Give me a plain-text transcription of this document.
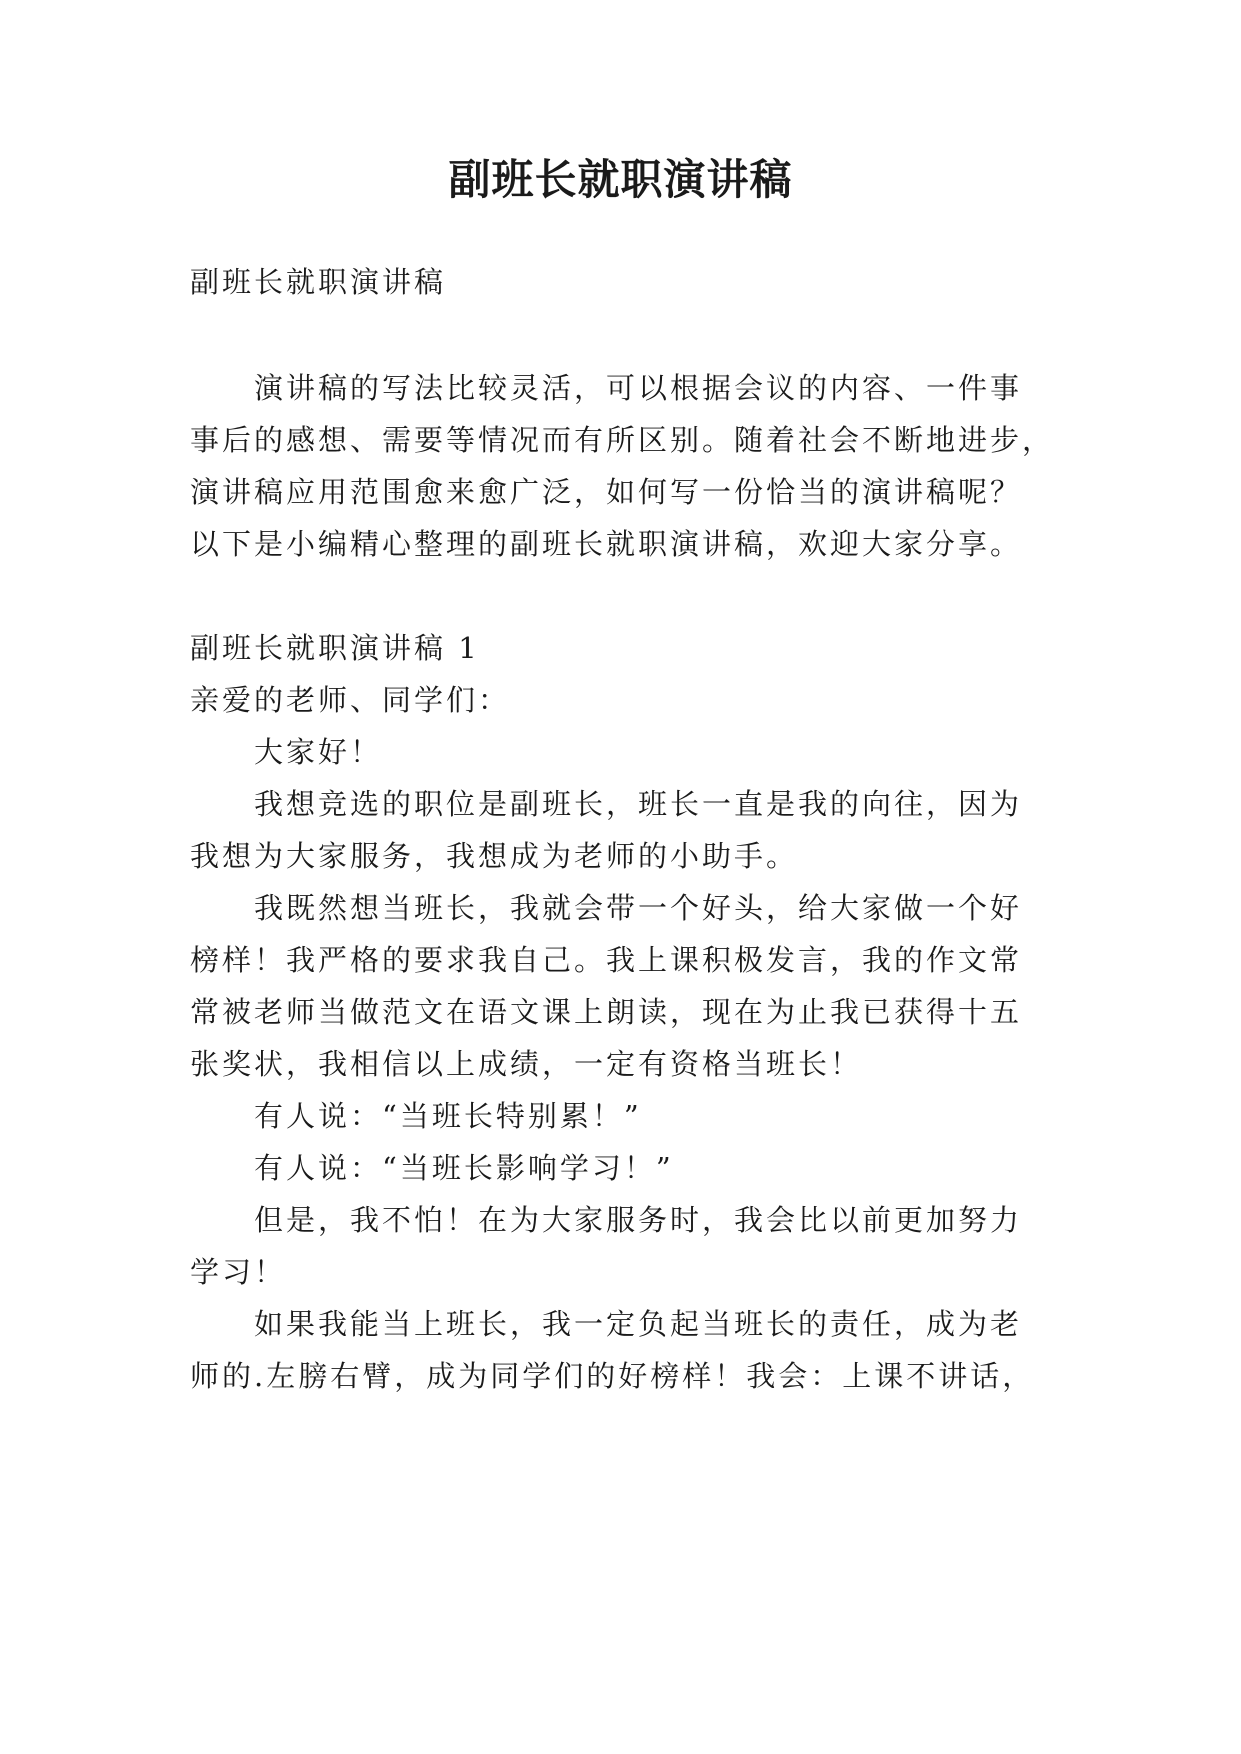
副班长就职演讲稿
副班长就职演讲稿
演讲稿的写法比较灵活，可以根据会议的内容、一件事
事后的感想、需要等情况而有所区别。随着社会不断地进步，
演讲稿应用范围愈来愈广泛，如何写一份恰当的演讲稿呢？
以下是小编精心整理的副班长就职演讲稿，欢迎大家分享。
副班长就职演讲稿 1
亲爱的老师、同学们：
大家好！
我想竞选的职位是副班长，班长一直是我的向往，因为
我想为大家服务，我想成为老师的小助手。
我既然想当班长，我就会带一个好头，给大家做一个好
榜样！我严格的要求我自己。我上课积极发言，我的作文常
常被老师当做范文在语文课上朗读，现在为止我已获得十五
张奖状，我相信以上成绩，一定有资格当班长！
有人说：“当班长特别累！”
有人说：“当班长影响学习！”
但是，我不怕！在为大家服务时，我会比以前更加努力
学习！
如果我能当上班长，我一定负起当班长的责任，成为老
师的.左膀右臂，成为同学们的好榜样！我会：上课不讲话，
